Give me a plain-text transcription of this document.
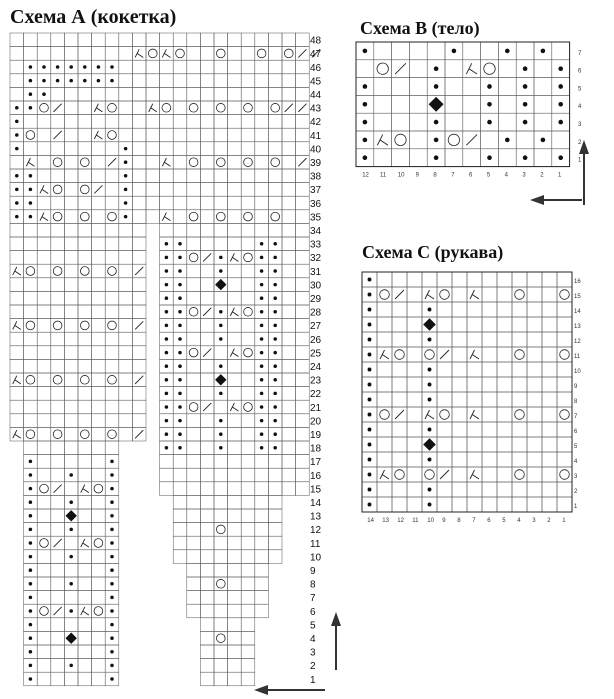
Схема А (кокетка)	Схема В (тело)
Схема С (рукава)
48
47
46
45
44
43
42
41
40
39
38
37
36
35
34
33
32
31
30
29
28
27
26
25
24
23
22
21
20
19
18
17
16
15
14
13
12
11
10
9
8
7
6
5
4
3
2
1
7
6
5
4
3
2
1
12 11 10 9 8 7 6 5 4 3 2 1
16
15
14
13
12
11
10
9
8
7
6
5
4
3
2
1
14 13 12 11 10 9 8 7 6 5 4 3 2 1
